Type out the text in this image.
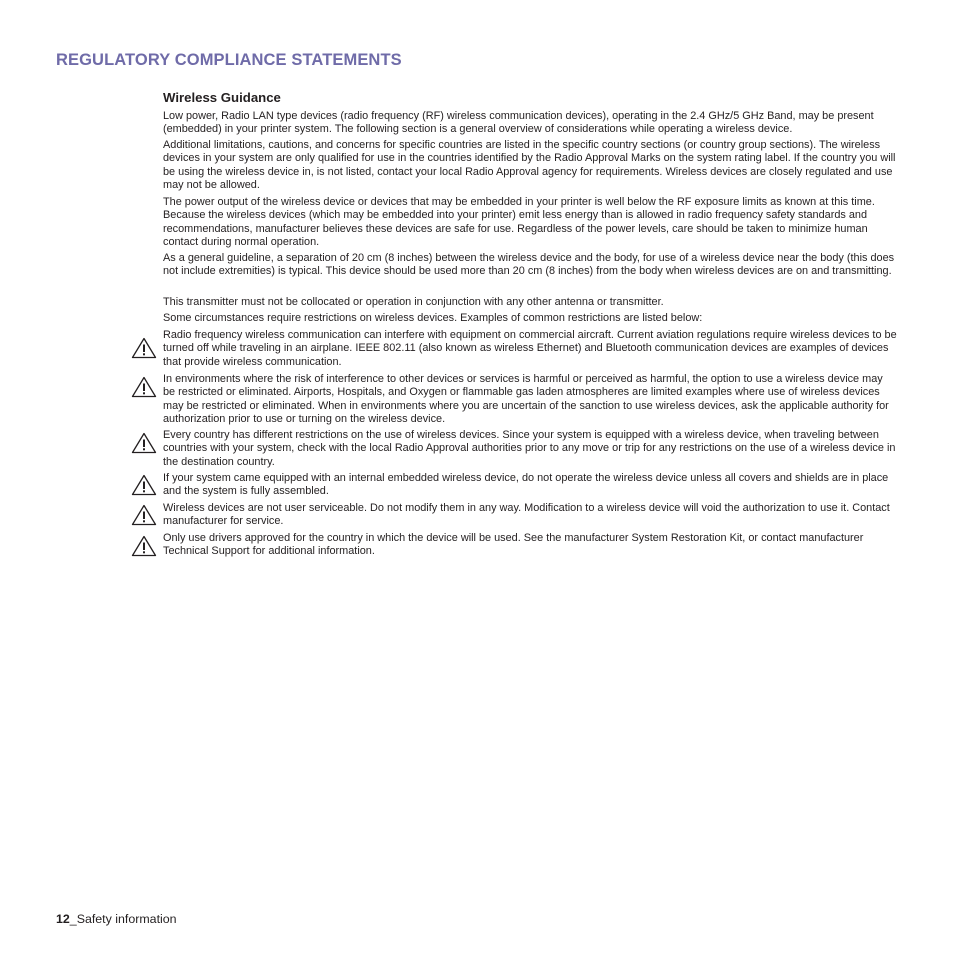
REGULATORY COMPLIANCE STATEMENTS
Wireless Guidance

Low power, Radio LAN type devices (radio frequency (RF) wireless communication devices), operating in the 2.4 GHz/5 GHz Band, may be present (embedded) in your printer system. The following section is a general overview of considerations while operating a wireless device.

Additional limitations, cautions, and concerns for specific countries are listed in the specific country sections (or country group sections). The wireless devices in your system are only qualified for use in the countries identified by the Radio Approval Marks on the system rating label. If the country you will be using the wireless device in, is not listed, contact your local Radio Approval agency for requirements. Wireless devices are closely regulated and use may not be allowed.

The power output of the wireless device or devices that may be embedded in your printer is well below the RF exposure limits as known at this time. Because the wireless devices (which may be embedded into your printer) emit less energy than is allowed in radio frequency safety standards and recommendations, manufacturer believes these devices are safe for use. Regardless of the power levels, care should be taken to minimize human contact during normal operation.

As a general guideline, a separation of 20 cm (8 inches) between the wireless device and the body, for use of a wireless device near the body (this does not include extremities) is typical. This device should be used more than 20 cm (8 inches) from the body when wireless devices are on and transmitting.

This transmitter must not be collocated or operation in conjunction with any other antenna or transmitter.

Some circumstances require restrictions on wireless devices. Examples of common restrictions are listed below:

Radio frequency wireless communication can interfere with equipment on commercial aircraft. Current aviation regulations require wireless devices to be turned off while traveling in an airplane. IEEE 802.11 (also known as wireless Ethernet) and Bluetooth communication devices are examples of devices that provide wireless communication.

In environments where the risk of interference to other devices or services is harmful or perceived as harmful, the option to use a wireless device may be restricted or eliminated. Airports, Hospitals, and Oxygen or flammable gas laden atmospheres are limited examples where use of wireless devices may be restricted or eliminated. When in environments where you are uncertain of the sanction to use wireless devices, ask the applicable authority for authorization prior to use or turning on the wireless device.

Every country has different restrictions on the use of wireless devices. Since your system is equipped with a wireless device, when traveling between countries with your system, check with the local Radio Approval authorities prior to any move or trip for any restrictions on the use of a wireless device in the destination country.

If your system came equipped with an internal embedded wireless device, do not operate the wireless device unless all covers and shields are in place and the system is fully assembled.

Wireless devices are not user serviceable. Do not modify them in any way. Modification to a wireless device will void the authorization to use it. Contact manufacturer for service.

Only use drivers approved for the country in which the device will be used. See the manufacturer System Restoration Kit, or contact manufacturer Technical Support for additional information.

12_Safety information
